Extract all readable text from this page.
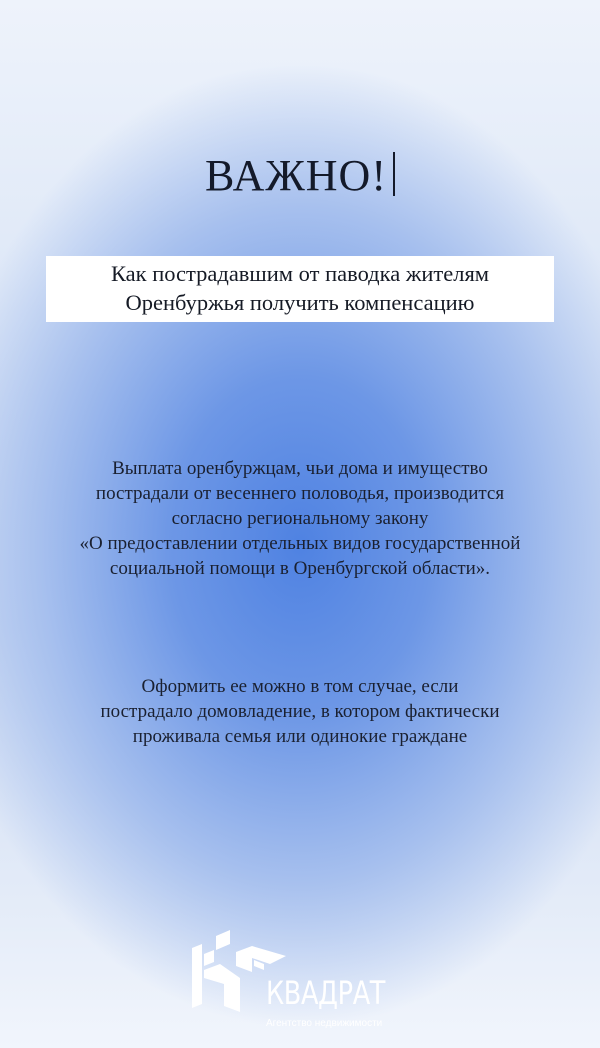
ВАЖНО!
Как пострадавшим от паводка жителям
Оренбуржья получить компенсацию
Выплата оренбуржцам, чьи дома и имущество
пострадали от весеннего половодья, производится
согласно региональному закону
«О предоставлении отдельных видов государственной
социальной помощи в Оренбургской области».
Оформить ее можно в том случае, если
пострадало домовладение, в котором фактически
проживала семья или одинокие граждане
КВАДРАТ
Агентство недвижимости
